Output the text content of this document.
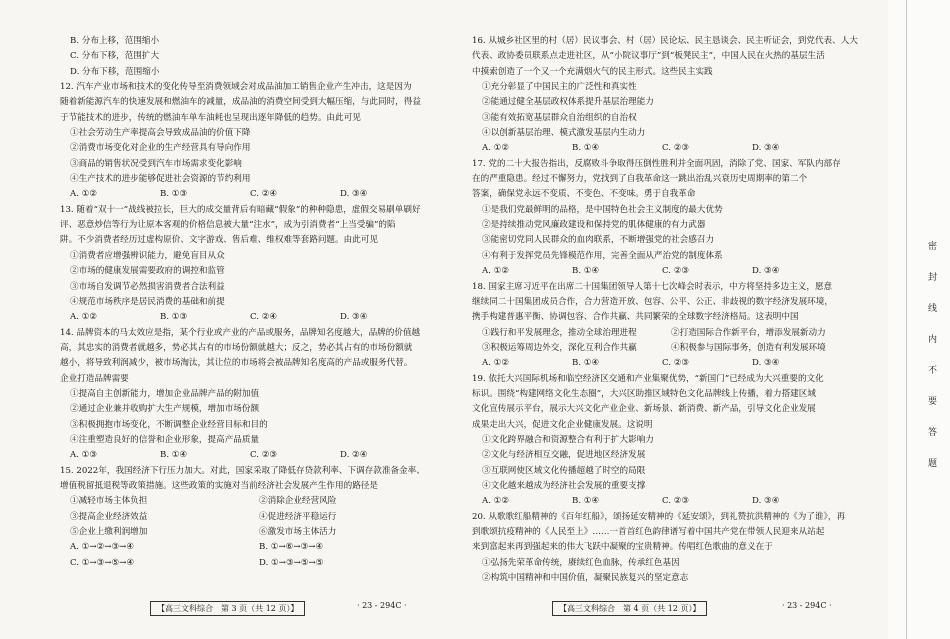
B. 分布上移，范围缩小
C. 分布下移，范围扩大
D. 分布下移，范围缩小
12. 汽车产业市场和技术的变化传导至消费领域会对成品油加工销售企业产生冲击，这是因为
随着新能源汽车的快速发展和燃油车的减量，成品油的消费空间受到大幅压缩，与此同时，得益
于节能技术的进步，传统的燃油车单车油耗也呈现出逐年降低的趋势。由此可见
①社会劳动生产率提高会导致成品油的价值下降
②消费市场变化对企业的生产经营具有导向作用
③商品的销售状况受到汽车市场需求变化影响
④生产技术的进步能够促进社会资源的节约利用
A. ①②	B. ①③	C. ②④	D. ③④
13. 随着“双十一”战线被拉长，巨大的成交量背后有暗藏“假象”的种种隐患，虚假交易刷单刷好
评、恶意炒信等行为让原本客观的价格信息被大量“注水”，成为引消费者“上当受骗”的陷
阱。不少消费者经历过虚构原价、文字游戏、售后难、维权难等套路问题。由此可见
①消费者应增强辨识能力，避免盲目从众
②市场的健康发展需要政府的调控和监管
③市场自发调节必然损害消费者合法利益
④规范市场秩序是居民消费的基础和前提
A. ①②	B. ①③	C. ②④	D. ③④
14. 品牌资本的马太效应是指，某个行业或产业的产品或服务，品牌知名度越大，品牌的价值越
高，其忠实的消费者就越多，势必其占有的市场份额就越大；反之，势必其占有的市场份额就
越小，将导致利润减少，被市场淘汰，其让位的市场将会被品牌知名度高的产品或服务代替。
企业打造品牌需要
①提高自主创新能力，增加企业品牌产品的附加值
②通过企业兼并收购扩大生产规模，增加市场份额
③积极拥抱市场变化，不断调整企业经营目标和目的
④注重塑造良好的信誉和企业形象，提高产品质量
A. ①③	B. ①④	C. ②③	D. ②④
15. 2022年，我国经济下行压力加大。对此，国家采取了降低存贷款利率、下调存款准备金率、
增值税留抵退税等政策措施。这些政策的实施对当前经济社会发展产生作用的路径是
①减轻市场主体负担	②消除企业经营风险
③提高企业经济效益	④促进经济平稳运行
⑤企业上缴利润增加	⑥激发市场主体活力
A. ①→②→③→④	B. ①→⑥→③→④
C. ①→③→⑤→④	D. ①→③→⑤→⑤
【高三文科综合　第 3 页（共 12 页）】	· 23 - 294C ·
16. 从城乡社区里的村（居）民议事会、村（居）民论坛、民主恳谈会、民主听证会，到党代表、人大
代表、政协委员联系点走进社区，从“小院议事厅”到“板凳民主”，中国人民在火热的基层生活
中摸索创造了一个又一个充满烟火气的民主形式。这些民主实践
①充分彰显了中国民主的广泛性和真实性
②能通过健全基层政权体系提升基层治理能力
③能有效拓宽基层群众自治组织的自治权
④以创新基层治理、模式激发基层内生动力
A. ①②	B. ①④	C. ②③	D. ③④
17. 党的二十大报告指出，反腐败斗争取得压倒性胜利并全面巩固，消除了党、国家、军队内部存
在的严重隐患。经过不懈努力，党找到了自我革命这一跳出治乱兴衰历史周期率的第二个
答案，确保党永远不变质、不变色、不变味。勇于自我革命
①是我们党最鲜明的品格，是中国特色社会主义制度的最大优势
②是持续推动党风廉政建设和保持党的肌体健康的有力武器
③能密切党同人民群众的血肉联系，不断增强党的社会感召力
④有利于发挥党员先锋模范作用，完善全面从严治党的制度体系
A. ①②	B. ①④	C. ②③	D. ③④
18. 国家主席习近平在出席二十国集团领导人第十七次峰会时表示，中方将坚持多边主义，愿意
继续同二十国集团成员合作，合力营造开放、包容、公平、公正、非歧视的数字经济发展环境，
携手构建普惠平衡、协调包容、合作共赢、共同繁荣的全球数字经济格局。这表明中国
①践行和平发展理念，推动全球治理进程	②打造国际合作新平台，增添发展新动力
③积极运筹周边外交，深化互利合作共赢	④积极参与国际事务，创造有利发展环境
A. ①②	B. ①④	C. ②③	D. ③④
19. 依托大兴国际机场和临空经济区交通和产业集聚优势，“新国门”已经成为大兴重要的文化
标识。围绕“构建网络文化生态圈”，大兴区助推区域特色文化品牌线上传播，着力搭建区域
文化宣传展示平台，展示大兴文化产业企业、新场景、新消费、新产品，引导文化企业发展
成果走出大兴，促进文化企业健康发展。这说明
①文化跨界融合和资源整合有利于扩大影响力
②文化与经济相互交融，促进地区经济发展
③互联网使区域文化传播超越了时空的局限
④文化越来越成为经济社会发展的重要支撑
A. ①②	B. ①④	C. ②③	D. ③④
20. 从歌歌红船精神的《百年红船》，颂扬延安精神的《延安颂》，到礼赞抗洪精神的《为了谁》，再
到歌颂抗疫精神的《人民至上》……一首首红色韵律谱写着中国共产党在带领人民迎来从站起
来到富起来再到强起来的伟大飞跃中凝聚的宝贵精神。传唱红色歌曲的意义在于
①弘扬先荣革命传统，赓续红色血脉，传承红色基因
②构筑中国精神和中国价值，凝聚民族复兴的坚定意志
【高三文科综合　第 4 页（共 12 页）】	· 23 - 294C ·
密
封
线
内
不
要
答
题
